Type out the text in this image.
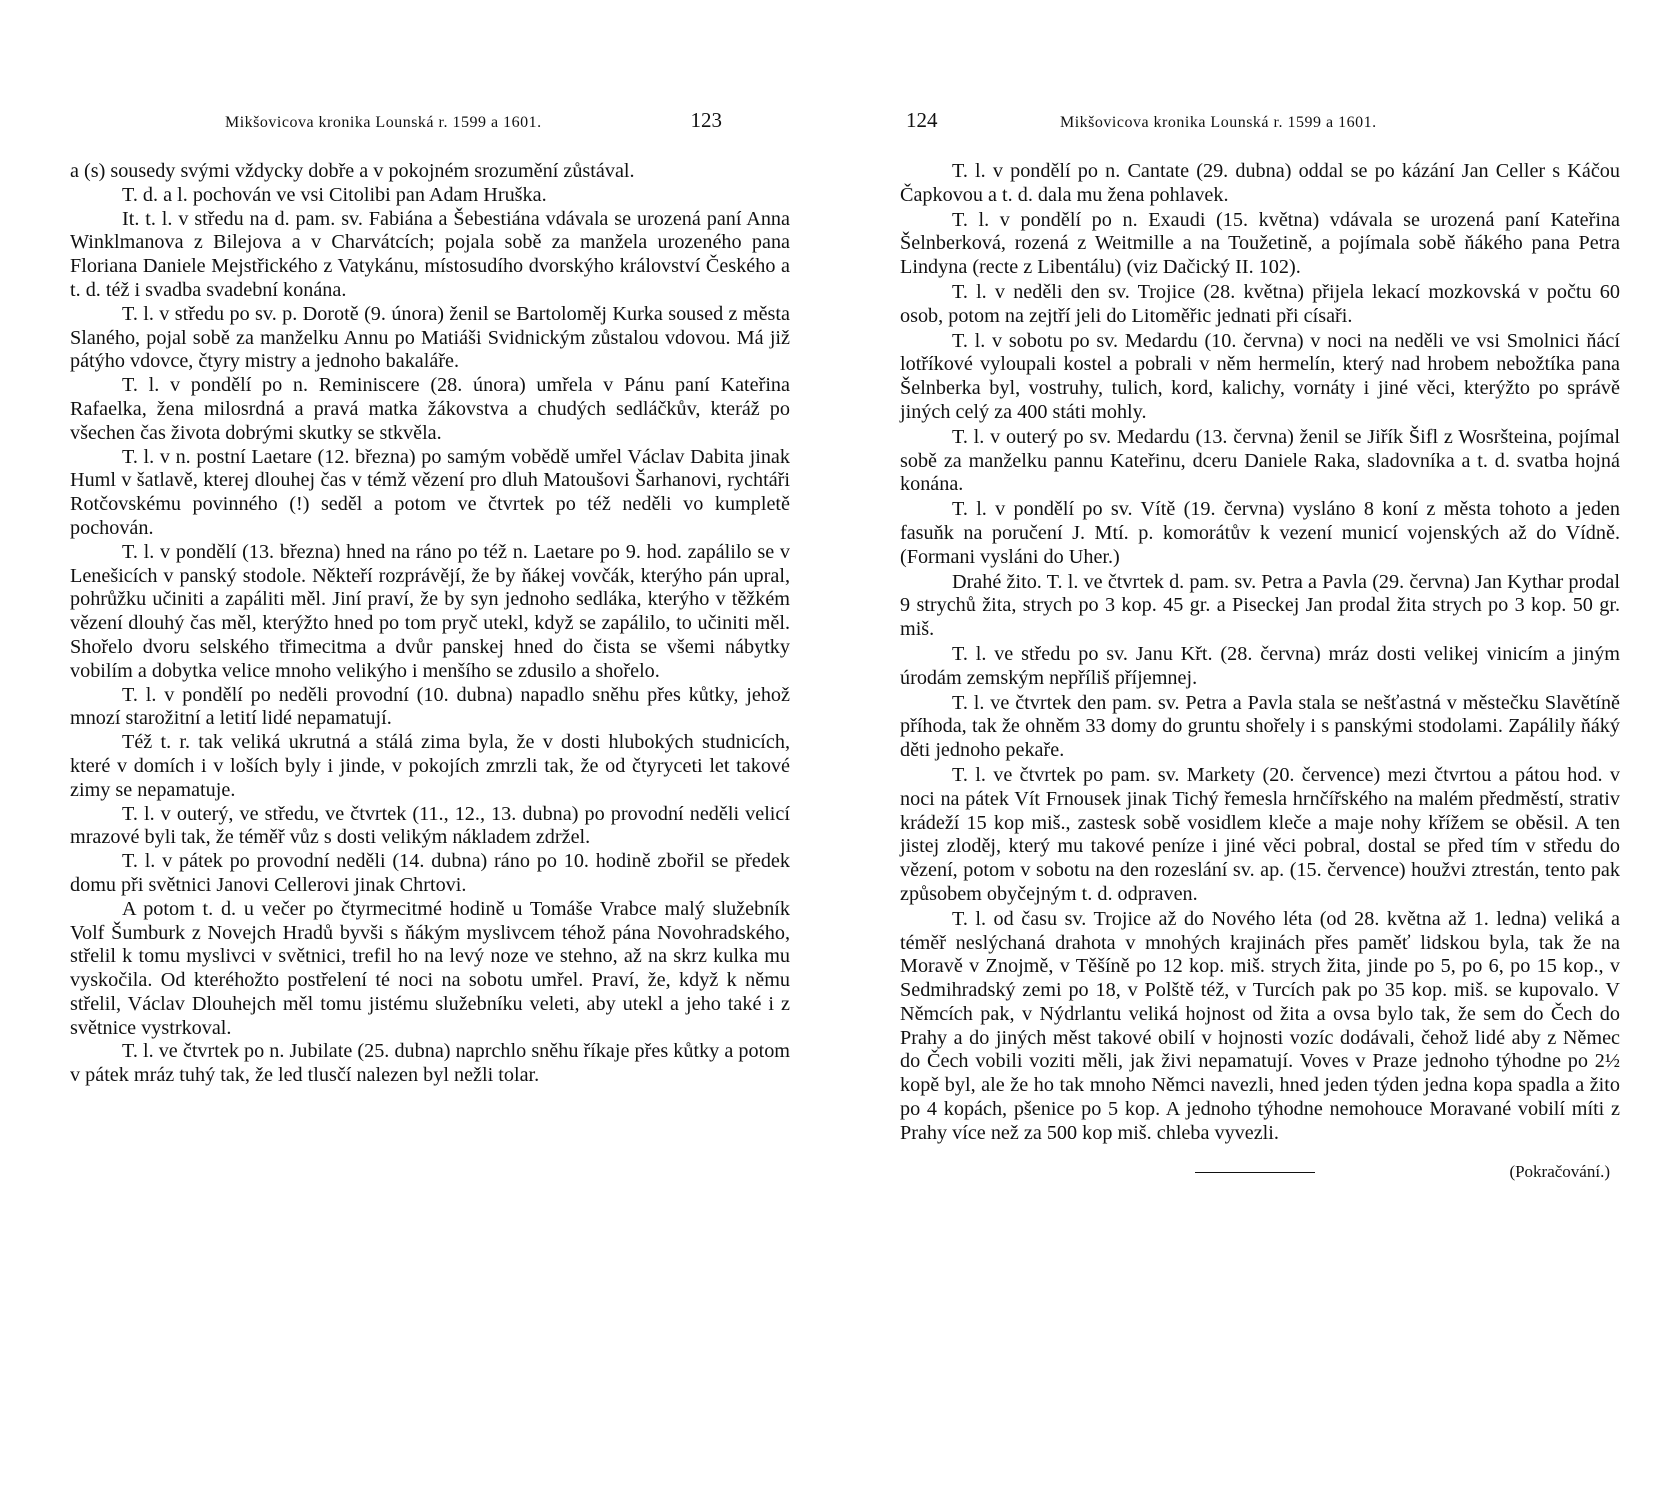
Mikšovicova kronika Lounská r. 1599 a 1601.	123

a (s) sousedy svými vždycky dobře a v pokojném srozumění zůstával.

T. d. a l. pochován ve vsi Citolibi pan Adam Hruška.

It. t. l. v středu na d. pam. sv. Fabiána a Šebestiána vdávala se urozená paní Anna Winklmanova z Bilejova a v Charvátcích; pojala sobě za manžela urozeného pana Floriana Daniele Mejstřického z Vatykánu, místosudího dvorskýho království Českého a t. d. též i svadba svadební konána.

T. l. v středu po sv. p. Dorotě (9. února) ženil se Bartoloměj Kurka soused z města Slaného, pojal sobě za manželku Annu po Matiáši Svidnickým zůstalou vdovou. Má již pátýho vdovce, čtyry mistry a jednoho bakaláře.

T. l. v pondělí po n. Reminiscere (28. února) umřela v Pánu paní Kateřina Rafaelka, žena milosrdná a pravá matka žákovstva a chudých sedláčkův, kteráž po všechen čas života dobrými skutky se stkvěla.

T. l. v n. postní Laetare (12. března) po samým vobědě umřel Václav Dabita jinak Huml v šatlavě, kterej dlouhej čas v témž vězení pro dluh Matoušovi Šarhanovi, rychtáři Rotčovskému povinného (!) seděl a potom ve čtvrtek po též neděli vo kumpletě pochován.

T. l. v pondělí (13. března) hned na ráno po též n. Laetare po 9. hod. zapálilo se v Lenešicích v panský stodole. Někteří rozprávějí, že by ňákej vovčák, kterýho pán upral, pohrůžku učiniti a zapáliti měl. Jiní praví, že by syn jednoho sedláka, kterýho v těžkém vězení dlouhý čas měl, kterýžto hned po tom pryč utekl, když se zapálilo, to učiniti měl. Shořelo dvoru selského třimecitma a dvůr panskej hned do čista se všemi nábytky vobilím a dobytka velice mnoho velikýho i menšího se zdusilo a shořelo.

T. l. v pondělí po neděli provodní (10. dubna) napadlo sněhu přes kůtky, jehož mnozí starožitní a letití lidé nepamatují.

Též t. r. tak veliká ukrutná a stálá zima byla, že v dosti hlubokých studnicích, které v domích i v loších byly i jinde, v pokojích zmrzli tak, že od čtyryceti let takové zimy se nepamatuje.

T. l. v outerý, ve středu, ve čtvrtek (11., 12., 13. dubna) po provodní neděli velicí mrazové byli tak, že téměř vůz s dosti velikým nákladem zdržel.

T. l. v pátek po provodní neděli (14. dubna) ráno po 10. hodině zbořil se předek domu při světnici Janovi Cellerovi jinak Chrtovi.

A potom t. d. u večer po čtyrmecitmé hodině u Tomáše Vrabce malý služebník Volf Šumburk z Novejch Hradů byvši s ňákým myslivcem téhož pána Novohradského, střelil k tomu myslivci v světnici, trefil ho na levý noze ve stehno, až na skrz kulka mu vyskočila. Od kteréhožto postřelení té noci na sobotu umřel. Praví, že, když k němu střelil, Václav Dlouhejch měl tomu jistému služebníku veleti, aby utekl a jeho také i z světnice vystrkoval.

T. l. ve čtvrtek po n. Jubilate (25. dubna) naprchlo sněhu říkaje přes kůtky a potom v pátek mráz tuhý tak, že led tlusčí nalezen byl nežli tolar.

124	Mikšovicova kronika Lounská r. 1599 a 1601.

T. l. v pondělí po n. Cantate (29. dubna) oddal se po kázání Jan Celler s Káčou Čapkovou a t. d. dala mu žena pohlavek.

T. l. v pondělí po n. Exaudi (15. května) vdávala se urozená paní Kateřina Šelnberková, rozená z Weitmille a na Toužetině, a pojímala sobě ňákého pana Petra Lindyna (recte z Libentálu) (viz Dačický II. 102).

T. l. v neděli den sv. Trojice (28. května) přijela lekací mozkovská v počtu 60 osob, potom na zejtří jeli do Litoměřic jednati při císaři.

T. l. v sobotu po sv. Medardu (10. června) v noci na neděli ve vsi Smolnici ňácí lotříkové vyloupali kostel a pobrali v něm hermelín, který nad hrobem nebožtíka pana Šelnberka byl, vostruhy, tulich, kord, kalichy, vornáty i jiné věci, kterýžto po správě jiných celý za 400 státi mohly.

T. l. v outerý po sv. Medardu (13. června) ženil se Jiřík Šifl z Wosršteina, pojímal sobě za manželku pannu Kateřinu, dceru Daniele Raka, sladovníka a t. d. svatba hojná konána.

T. l. v pondělí po sv. Vítě (19. června) vysláno 8 koní z města tohoto a jeden fasuňk na poručení J. Mtí. p. komorátův k vezení municí vojenských až do Vídně. (Formani vysláni do Uher.)

Drahé žito. T. l. ve čtvrtek d. pam. sv. Petra a Pavla (29. června) Jan Kythar prodal 9 strychů žita, strych po 3 kop. 45 gr. a Piseckej Jan prodal žita strych po 3 kop. 50 gr. miš.

T. l. ve středu po sv. Janu Křt. (28. června) mráz dosti velikej vinicím a jiným úrodám zemským nepříliš příjemnej.

T. l. ve čtvrtek den pam. sv. Petra a Pavla stala se nešťastná v městečku Slavětíně příhoda, tak že ohněm 33 domy do gruntu shořely i s panskými stodolami. Zapálily ňáký děti jednoho pekaře.

T. l. ve čtvrtek po pam. sv. Markety (20. července) mezi čtvrtou a pátou hod. v noci na pátek Vít Frnousek jinak Tichý řemesla hrnčířského na malém předměstí, strativ krádeží 15 kop miš., zastesk sobě vosidlem kleče a maje nohy křížem se oběsil. A ten jistej zloděj, který mu takové peníze i jiné věci pobral, dostal se před tím v středu do vězení, potom v sobotu na den rozeslání sv. ap. (15. července) houžvi ztrestán, tento pak způsobem obyčejným t. d. odpraven.

T. l. od času sv. Trojice až do Nového léta (od 28. května až 1. ledna) veliká a téměř neslýchaná drahota v mnohých krajinách přes paměť lidskou byla, tak že na Moravě v Znojmě, v Těšíně po 12 kop. miš. strych žita, jinde po 5, po 6, po 15 kop., v Sedmihradský zemi po 18, v Polště též, v Turcích pak po 35 kop. miš. se kupovalo. V Němcích pak, v Nýdrlantu veliká hojnost od žita a ovsa bylo tak, že sem do Čech do Prahy a do jiných měst takové obilí v hojnosti vozíc dodávali, čehož lidé aby z Němec do Čech vobili voziti měli, jak živi nepamatují. Voves v Praze jednoho týhodne po 2½ kopě byl, ale že ho tak mnoho Němci navezli, hned jeden týden jedna kopa spadla a žito po 4 kopách, pšenice po 5 kop. A jednoho týhodne nemohouce Moravané vobilí míti z Prahy více než za 500 kop miš. chleba vyvezli.

(Pokračování.)
